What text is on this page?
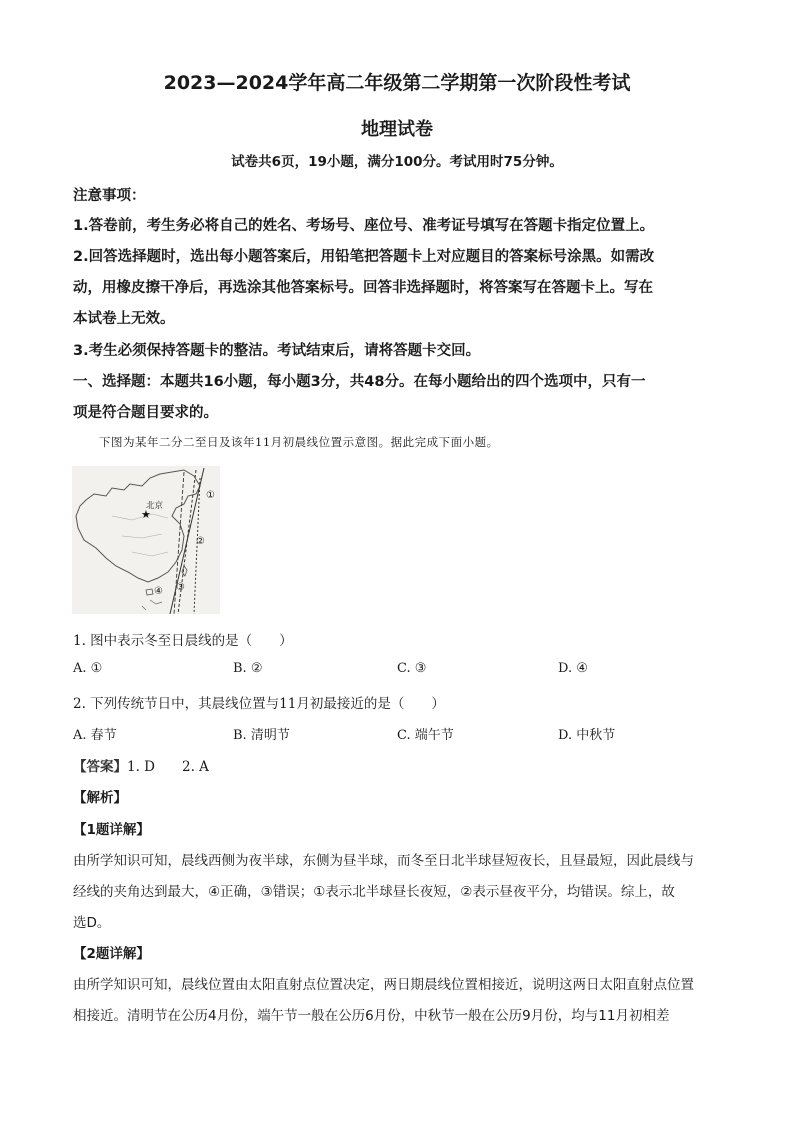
2023—2024学年高二年级第二学期第一次阶段性考试
地理试卷
试卷共6页，19小题，满分100分。考试用时75分钟。
注意事项：
1.答卷前，考生务必将自己的姓名、考场号、座位号、准考证号填写在答题卡指定位置上。
2.回答选择题时，选出每小题答案后，用铅笔把答题卡上对应题目的答案标号涂黑。如需改
动，用橡皮擦干净后，再选涂其他答案标号。回答非选择题时，将答案写在答题卡上。写在
本试卷上无效。
3.考生必须保持答题卡的整洁。考试结束后，请将答题卡交回。
一、选择题：本题共16小题，每小题3分，共48分。在每小题给出的四个选项中，只有一
项是符合题目要求的。
下图为某年二分二至日及该年11月初晨线位置示意图。据此完成下面小题。
★
北京
①
②
③
④
1. 图中表示冬至日晨线的是（　　）
A. ①	B. ②	C. ③	D. ④
2. 下列传统节日中，其晨线位置与11月初最接近的是（　　）
A. 春节	B. 清明节	C. 端午节	D. 中秋节
【答案】1. D　　2. A
【解析】
【1题详解】
由所学知识可知，晨线西侧为夜半球，东侧为昼半球，而冬至日北半球昼短夜长，且昼最短，因此晨线与
经线的夹角达到最大，④正确，③错误；①表示北半球昼长夜短，②表示昼夜平分，均错误。综上，故
选D。
【2题详解】
由所学知识可知，晨线位置由太阳直射点位置决定，两日期晨线位置相接近，说明这两日太阳直射点位置
相接近。清明节在公历4月份，端午节一般在公历6月份，中秋节一般在公历9月份，均与11月初相差
